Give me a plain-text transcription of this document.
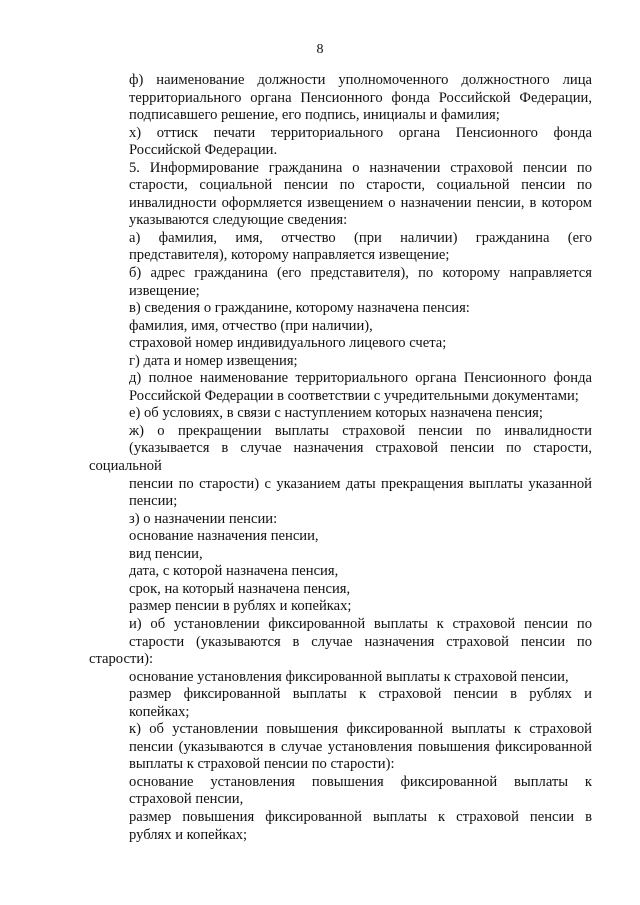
8

ф) наименование должности уполномоченного должностного лица
территориального органа Пенсионного фонда Российской Федерации,
подписавшего решение, его подпись, инициалы и фамилия;

х) оттиск печати территориального органа Пенсионного фонда
Российской Федерации.

5. Информирование гражданина о назначении страховой пенсии по
старости, социальной пенсии по старости, социальной пенсии по
инвалидности оформляется извещением о назначении пенсии, в котором
указываются следующие сведения:

а) фамилия, имя, отчество (при наличии) гражданина (его
представителя), которому направляется извещение;

б) адрес гражданина (его представителя), по которому направляется
извещение;

в) сведения о гражданине, которому назначена пенсия:

фамилия, имя, отчество (при наличии),

страховой номер индивидуального лицевого счета;

г) дата и номер извещения;

д) полное наименование территориального органа Пенсионного фонда
Российской Федерации в соответствии с учредительными документами;

е) об условиях, в связи с наступлением которых назначена пенсия;

ж) о прекращении выплаты страховой пенсии по инвалидности
(указывается в случае назначения страховой пенсии по старости, социальной
пенсии по старости) с указанием даты прекращения выплаты указанной
пенсии;

з) о назначении пенсии:

основание назначения пенсии,

вид пенсии,

дата, с которой назначена пенсия,

срок, на который назначена пенсия,

размер пенсии в рублях и копейках;

и) об установлении фиксированной выплаты к страховой пенсии по
старости (указываются в случае назначения страховой пенсии по старости):

основание установления фиксированной выплаты к страховой пенсии,

размер фиксированной выплаты к страховой пенсии в рублях и
копейках;

к) об установлении повышения фиксированной выплаты к страховой
пенсии (указываются в случае установления повышения фиксированной
выплаты к страховой пенсии по старости):

основание установления повышения фиксированной выплаты к
страховой пенсии,

размер повышения фиксированной выплаты к страховой пенсии в
рублях и копейках;
